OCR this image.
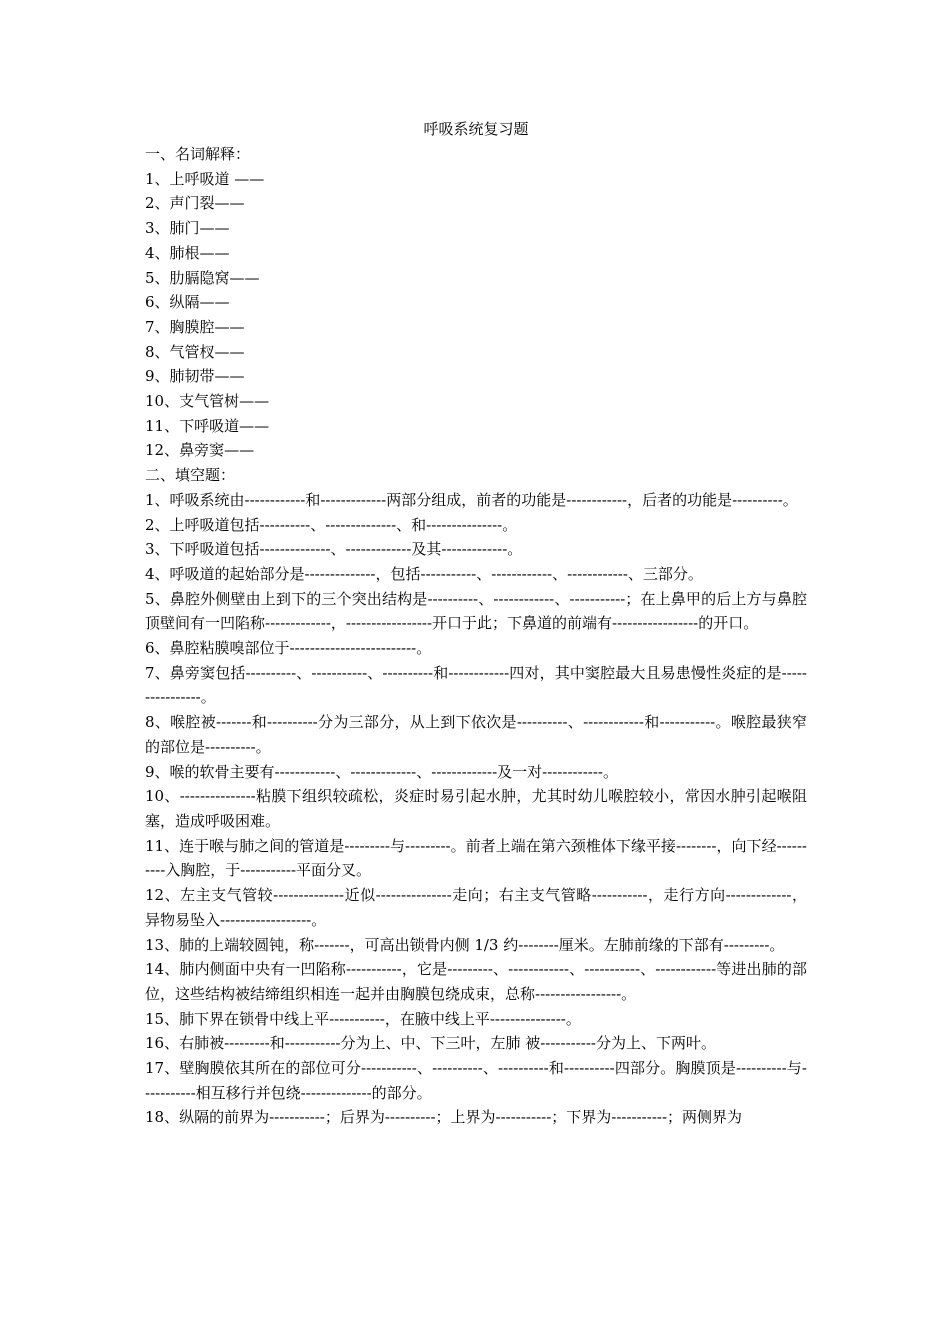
呼吸系统复习题

一、名词解释：

1、上呼吸道 ——

2、声门裂——

3、肺门——

4、肺根——

5、肋膈隐窝——

6、纵隔——

7、胸膜腔——

8、气管杈——

9、肺韧带——

10、支气管树——

11、下呼吸道——

12、鼻旁窦——

二、填空题：

1、呼吸系统由------------和-------------两部分组成，前者的功能是------------，后者的功能是----------。

2、上呼吸道包括----------、--------------、和---------------。

3、下呼吸道包括--------------、-------------及其-------------。

4、呼吸道的起始部分是--------------，包括-----------、------------、------------、三部分。

5、鼻腔外侧壁由上到下的三个突出结构是----------、------------、-----------；在上鼻甲的后上方与鼻腔顶壁间有一凹陷称-------------，-----------------开口于此；下鼻道的前端有-----------------的开口。

6、鼻腔粘膜嗅部位于-------------------------。

7、鼻旁窦包括----------、-----------、----------和------------四对，其中窦腔最大且易患慢性炎症的是----------------。

8、喉腔被-------和----------分为三部分，从上到下依次是----------、------------和-----------。喉腔最狭窄的部位是----------。

9、喉的软骨主要有------------、-------------、-------------及一对------------。

10、---------------粘膜下组织较疏松，炎症时易引起水肿，尤其时幼儿喉腔较小，常因水肿引起喉阻塞，造成呼吸困难。

11、连于喉与肺之间的管道是---------与---------。前者上端在第六颈椎体下缘平接--------，向下经----------入胸腔，于-----------平面分叉。

12、左主支气管较--------------近似---------------走向；右主支气管略-----------，走行方向-------------，异物易坠入------------------。

13、肺的上端较圆钝，称-------，可高出锁骨内侧 1/3 约--------厘米。左肺前缘的下部有---------。

14、肺内侧面中央有一凹陷称-----------，它是---------、------------、-----------、------------等进出肺的部位，这些结构被结缔组织相连一起并由胸膜包绕成束，总称-----------------。

15、肺下界在锁骨中线上平-----------，在腋中线上平---------------。

16、右肺被---------和-----------分为上、中、下三叶，左肺 被-----------分为上、下两叶。

17、壁胸膜依其所在的部位可分-----------、----------、----------和----------四部分。胸膜顶是----------与-----------相互移行并包绕--------------的部分。

18、纵隔的前界为-----------；后界为----------；上界为-----------；下界为-----------；两侧界为
